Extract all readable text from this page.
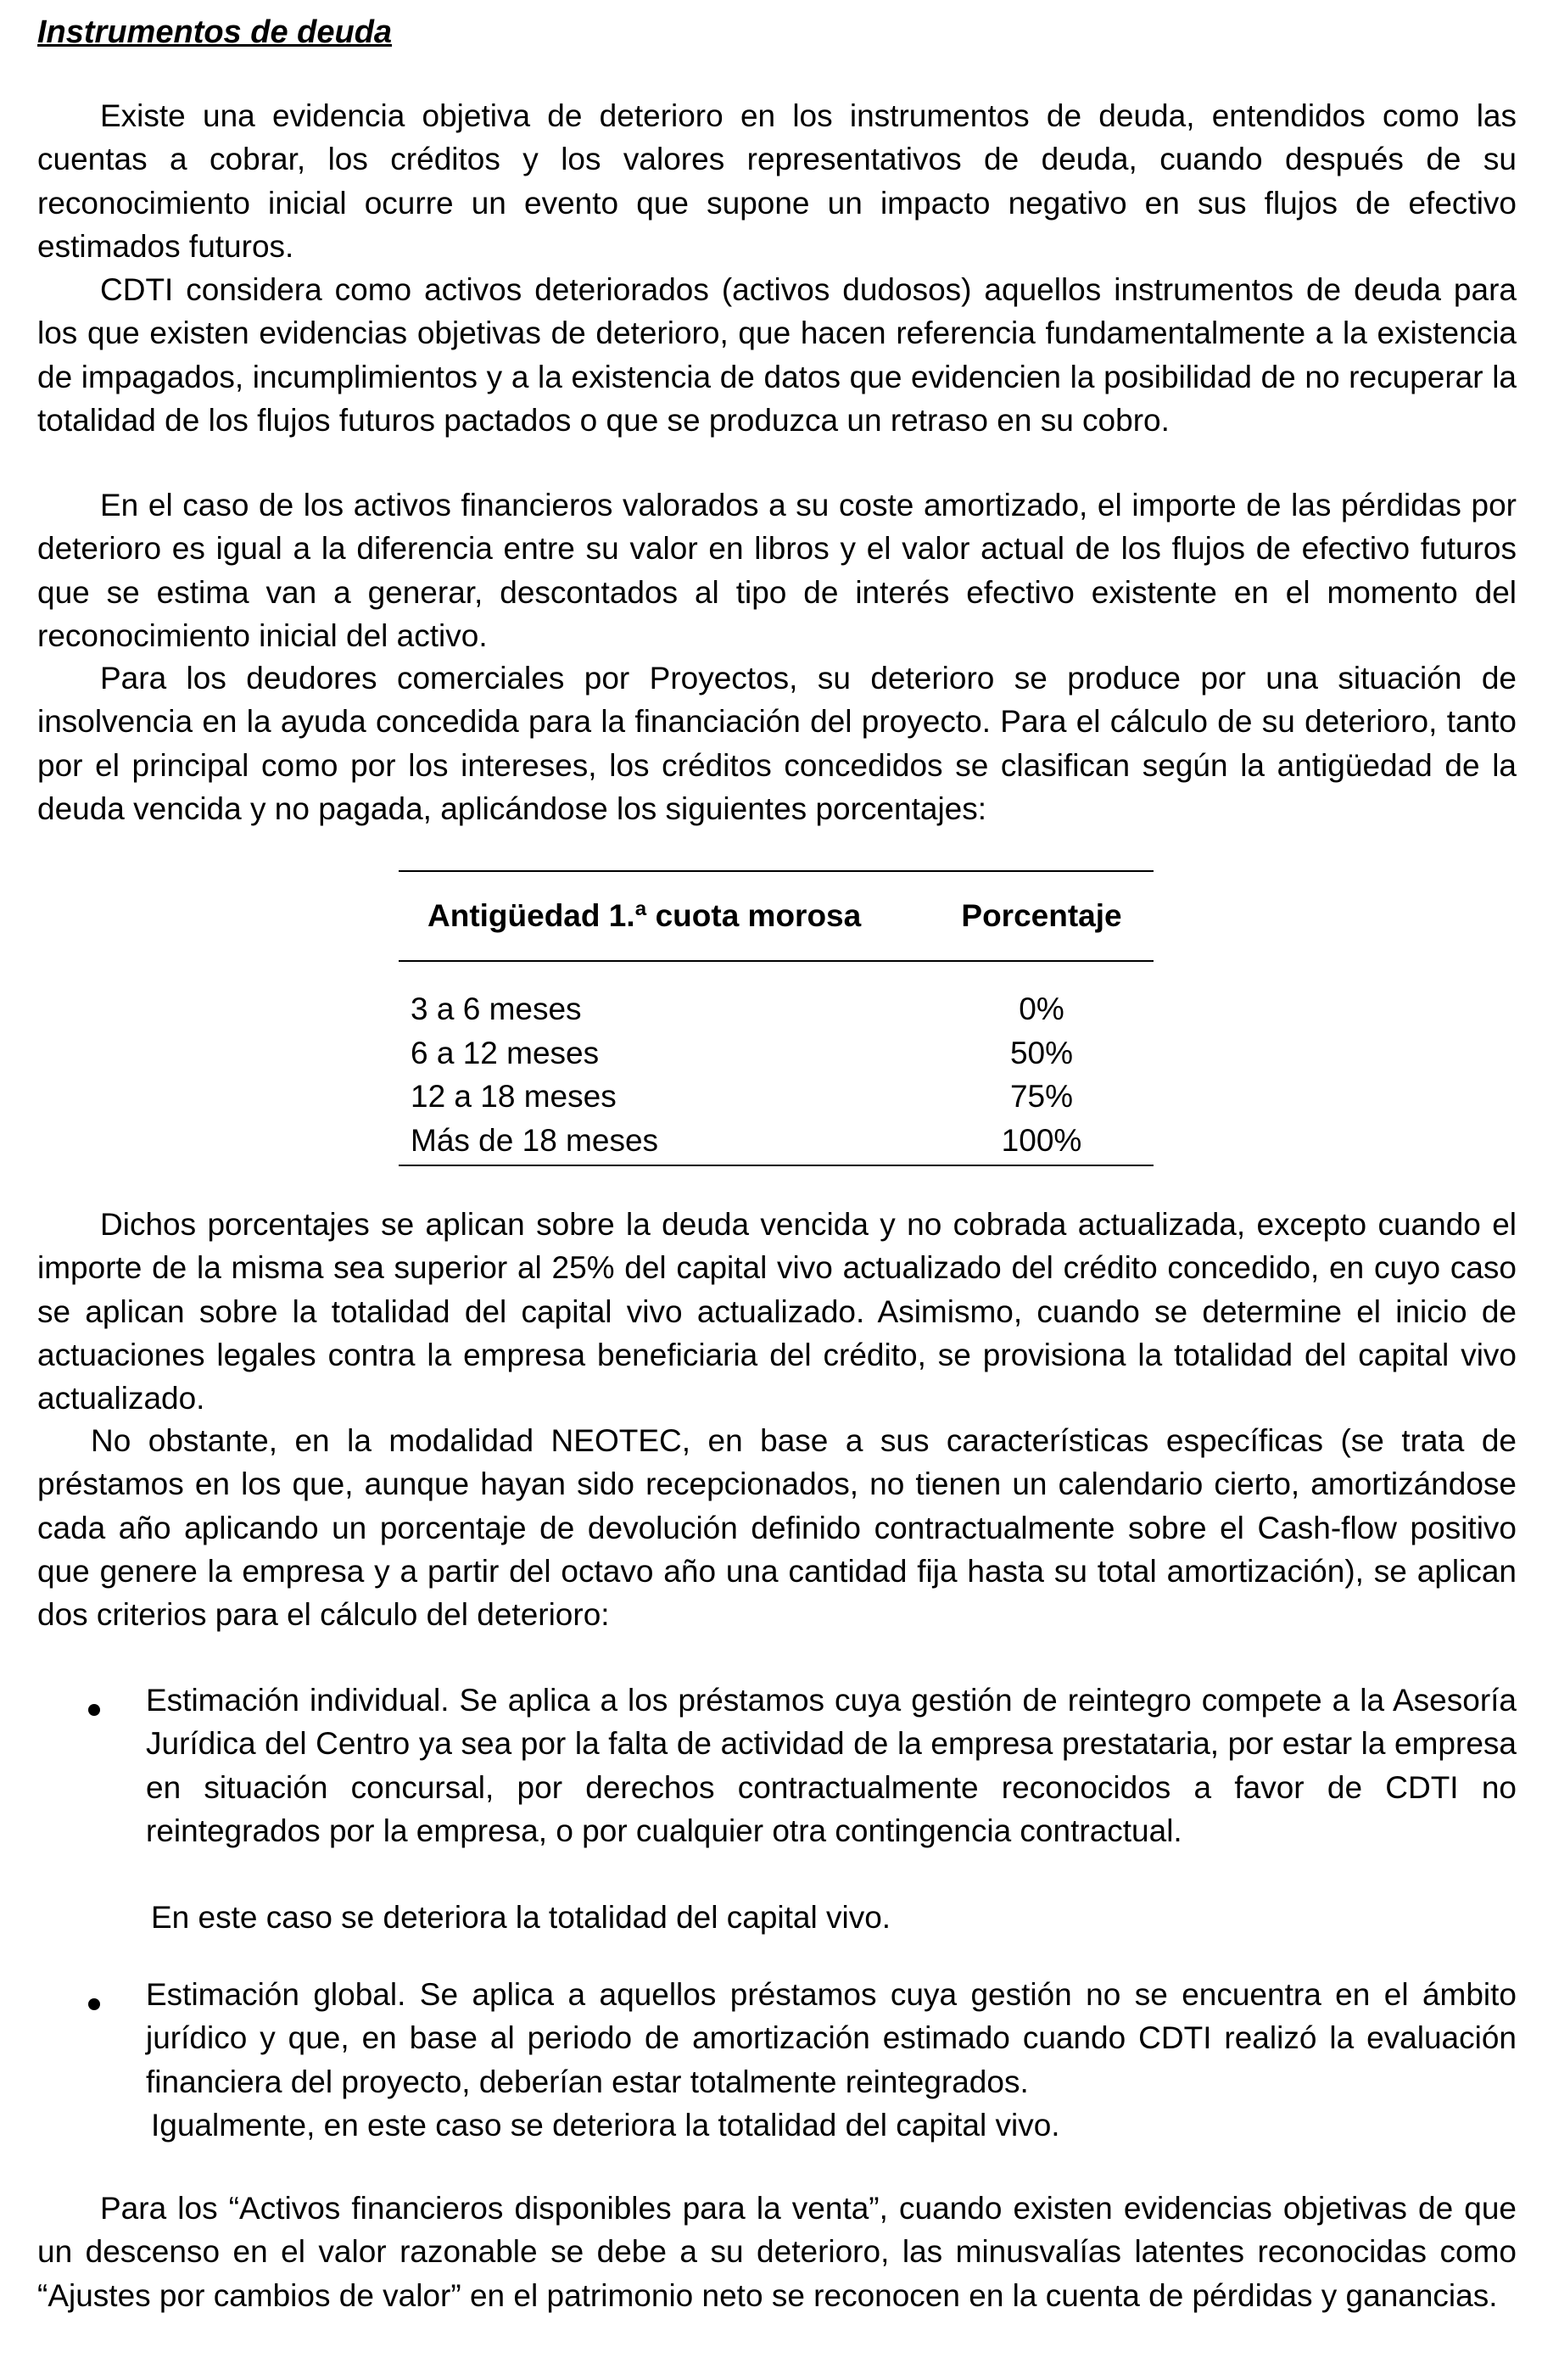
Instrumentos de deuda

Existe una evidencia objetiva de deterioro en los instrumentos de deuda, entendidos como las cuentas a cobrar, los créditos y los valores representativos de deuda, cuando después de su reconocimiento inicial ocurre un evento que supone un impacto negativo en sus flujos de efectivo estimados futuros.

CDTI considera como activos deteriorados (activos dudosos) aquellos instrumentos de deuda para los que existen evidencias objetivas de deterioro, que hacen referencia fundamentalmente a la existencia de impagados, incumplimientos y a la existencia de datos que evidencien la posibilidad de no recuperar la totalidad de los flujos futuros pactados o que se produzca un retraso en su cobro.

En el caso de los activos financieros valorados a su coste amortizado, el importe de las pérdidas por deterioro es igual a la diferencia entre su valor en libros y el valor actual de los flujos de efectivo futuros que se estima van a generar, descontados al tipo de interés efectivo existente en el momento del reconocimiento inicial del activo.

Para los deudores comerciales por Proyectos, su deterioro se produce por una situación de insolvencia en la ayuda concedida para la financiación del proyecto. Para el cálculo de su deterioro, tanto por el principal como por los intereses, los créditos concedidos se clasifican según la antigüedad de la deuda vencida y no pagada, aplicándose los siguientes porcentajes:

Antigüedad 1.ª cuota morosa	Porcentaje
3 a 6 meses	0%
6 a 12 meses	50%
12 a 18 meses	75%
Más de 18 meses	100%

Dichos porcentajes se aplican sobre la deuda vencida y no cobrada actualizada, excepto cuando el importe de la misma sea superior al 25% del capital vivo actualizado del crédito concedido, en cuyo caso se aplican sobre la totalidad del capital vivo actualizado. Asimismo, cuando se determine el inicio de actuaciones legales contra la empresa beneficiaria del crédito, se provisiona la totalidad del capital vivo actualizado.

No obstante, en la modalidad NEOTEC, en base a sus características específicas (se trata de préstamos en los que, aunque hayan sido recepcionados, no tienen un calendario cierto, amortizándose cada año aplicando un porcentaje de devolución definido contractualmente sobre el Cash-flow positivo que genere la empresa y a partir del octavo año una cantidad fija hasta su total amortización), se aplican dos criterios para el cálculo del deterioro:

Estimación individual. Se aplica a los préstamos cuya gestión de reintegro compete a la Asesoría Jurídica del Centro ya sea por la falta de actividad de la empresa prestataria, por estar la empresa en situación concursal, por derechos contractualmente reconocidos a favor de CDTI no reintegrados por la empresa, o por cualquier otra contingencia contractual.

En este caso se deteriora la totalidad del capital vivo.

Estimación global. Se aplica a aquellos préstamos cuya gestión no se encuentra en el ámbito jurídico y que, en base al periodo de amortización estimado cuando CDTI realizó la evaluación financiera del proyecto, deberían estar totalmente reintegrados.

Igualmente, en este caso se deteriora la totalidad del capital vivo.

Para los “Activos financieros disponibles para la venta”, cuando existen evidencias objetivas de que un descenso en el valor razonable se debe a su deterioro, las minusvalías latentes reconocidas como “Ajustes por cambios de valor” en el patrimonio neto se reconocen en la cuenta de pérdidas y ganancias.
